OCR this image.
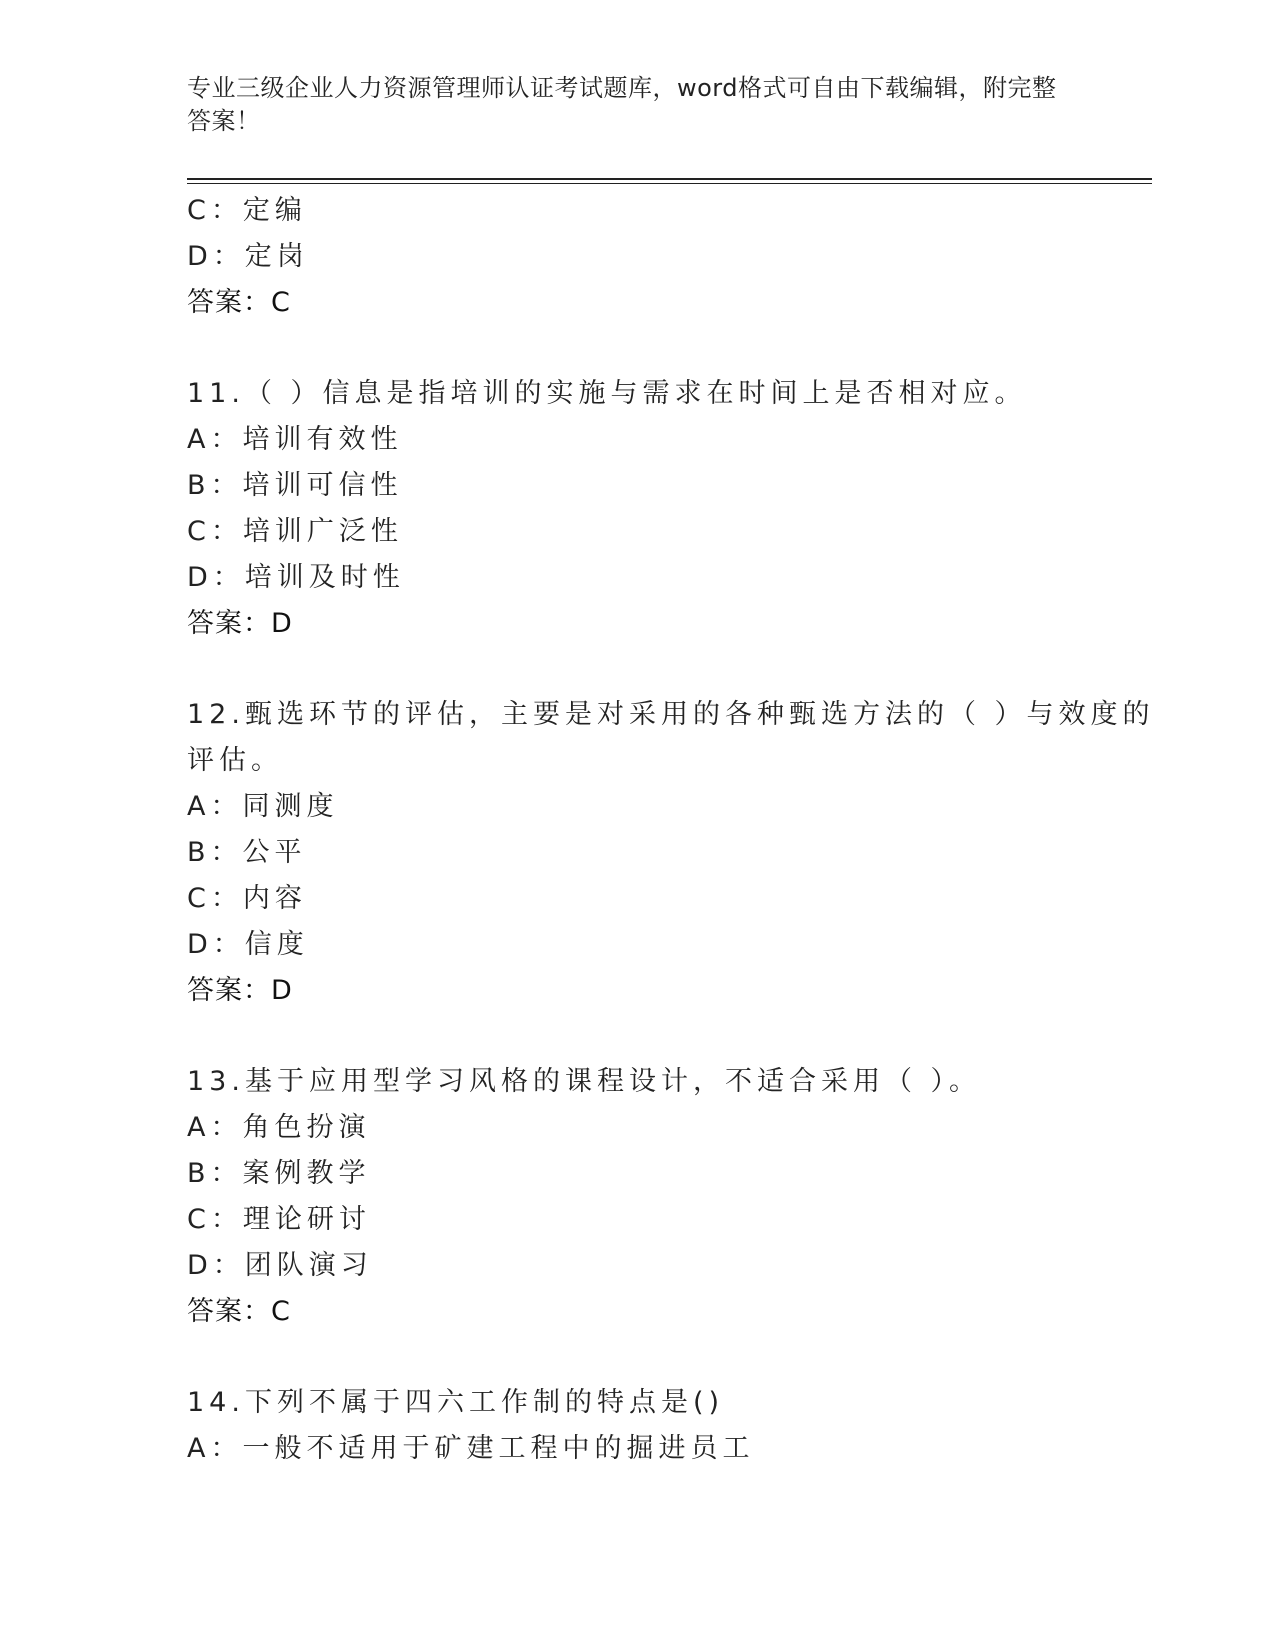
专业三级企业人力资源管理师认证考试题库，word格式可自由下载编辑，附完整
答案！
C：定编
D：定岗
答案：C
11.（ ）信息是指培训的实施与需求在时间上是否相对应。
A：培训有效性
B：培训可信性
C：培训广泛性
D：培训及时性
答案：D
12.甄选环节的评估，主要是对采用的各种甄选方法的（ ）与效度的
评估。
A：同测度
B：公平
C：内容
D：信度
答案：D
13.基于应用型学习风格的课程设计，不适合采用（ ）。
A：角色扮演
B：案例教学
C：理论研讨
D：团队演习
答案：C
14.下列不属于四六工作制的特点是()
A：一般不适用于矿建工程中的掘进员工
